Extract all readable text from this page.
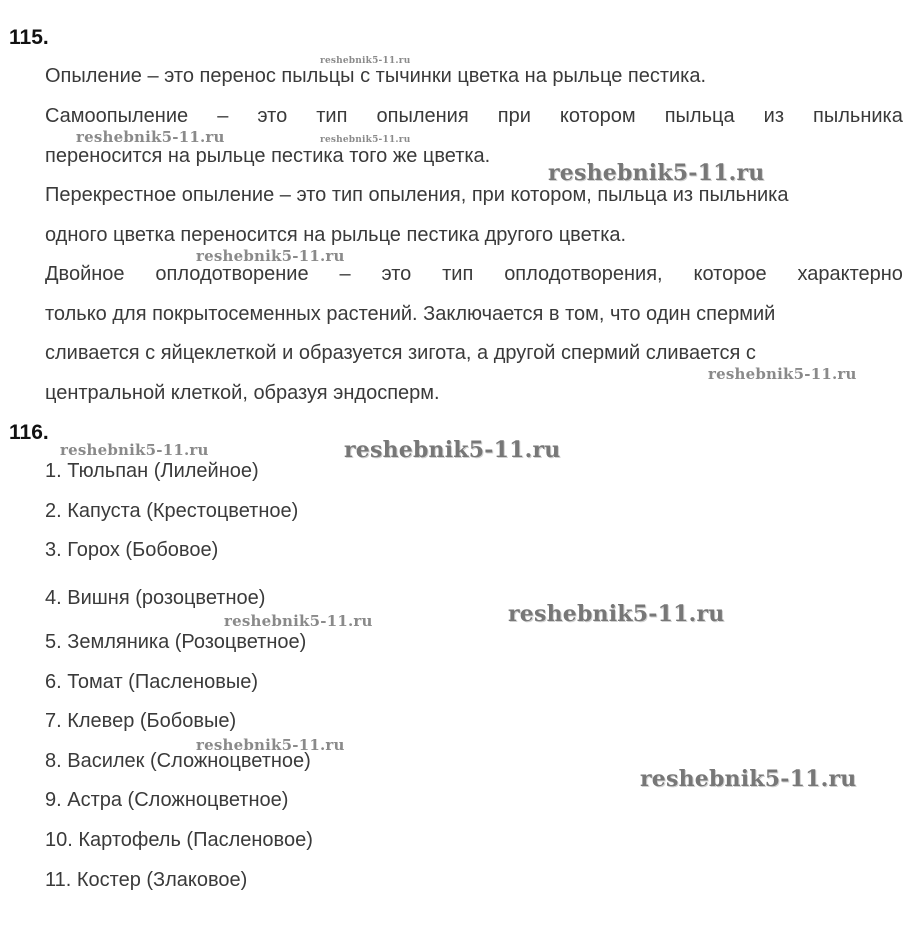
115.

Опыление – это перенос пыльцы с тычинки цветка на рыльце пестика.

Самоопыление – это тип опыления при котором пыльца из пыльника

переносится на рыльце пестика того же цветка.

Перекрестное опыление – это тип опыления, при котором, пыльца из пыльника

одного цветка переносится на рыльце пестика другого цветка.

Двойное оплодотворение – это тип оплодотворения, которое характерно

только для покрытосеменных растений. Заключается в том, что один спермий

сливается с яйцеклеткой и образуется зигота, а другой спермий сливается с

центральной клеткой, образуя эндосперм.

116.

1. Тюльпан (Лилейное)

2. Капуста (Крестоцветное)

3. Горох (Бобовое)

4. Вишня (розоцветное)

5. Земляника (Розоцветное)

6. Томат (Пасленовые)

7. Клевер (Бобовые)

8. Василек (Сложноцветное)

9. Астра (Сложноцветное)

10. Картофель (Пасленовое)

11. Костер (Злаковое)

reshebnik5-11.ru
reshebnik5-11.ru	reshebnik5-11.ru
reshebnik5-11.ru
reshebnik5-11.ru
reshebnik5-11.ru
reshebnik5-11.ru	reshebnik5-11.ru
reshebnik5-11.ru
reshebnik5-11.ru
reshebnik5-11.ru
reshebnik5-11.ru
